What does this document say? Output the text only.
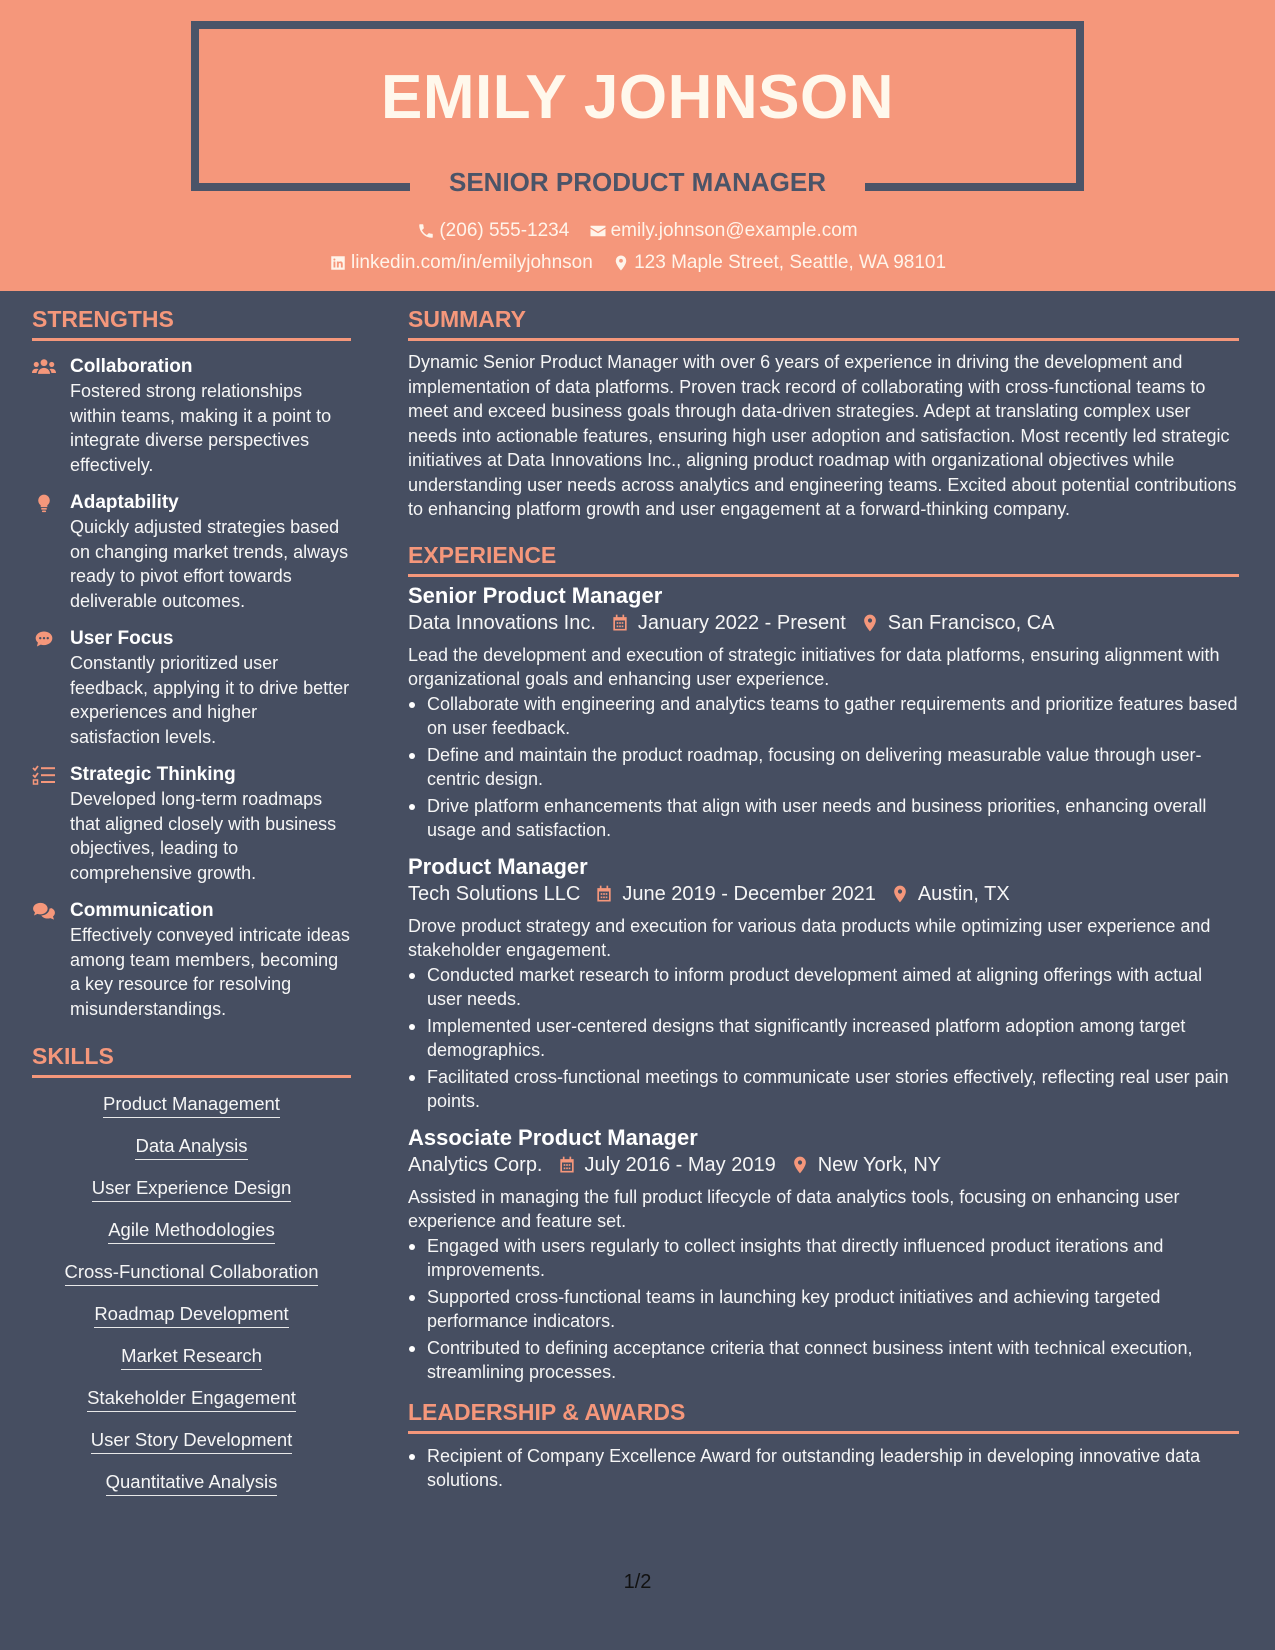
EMILY JOHNSON
SENIOR PRODUCT MANAGER
(206) 555-1234
emily.johnson@example.com
linkedin.com/in/emilyjohnson
123 Maple Street, Seattle, WA 98101
STRENGTHS
Collaboration

Fostered strong relationships within teams, making it a point to integrate diverse perspectives effectively.

Adaptability

Quickly adjusted strategies based on changing market trends, always ready to pivot effort towards deliverable outcomes.

User Focus

Constantly prioritized user feedback, applying it to drive better experiences and higher satisfaction levels.

Strategic Thinking

Developed long-term roadmaps that aligned closely with business objectives, leading to comprehensive growth.

Communication

Effectively conveyed intricate ideas among team members, becoming a key resource for resolving misunderstandings.

SKILLS
Product Management
Data Analysis
User Experience Design
Agile Methodologies
Cross-Functional Collaboration
Roadmap Development
Market Research
Stakeholder Engagement
User Story Development
Quantitative Analysis
SUMMARY

Dynamic Senior Product Manager with over 6 years of experience in driving the development and implementation of data platforms. Proven track record of collaborating with cross-functional teams to meet and exceed business goals through data-driven strategies. Adept at translating complex user needs into actionable features, ensuring high user adoption and satisfaction. Most recently led strategic initiatives at Data Innovations Inc., aligning product roadmap with organizational objectives while understanding user needs across analytics and engineering teams. Excited about potential contributions to enhancing platform growth and user engagement at a forward-thinking company.

EXPERIENCE
Senior Product Manager
Data Innovations Inc. January 2022 - Present San Francisco, CA

Lead the development and execution of strategic initiatives for data platforms, ensuring alignment with organizational goals and enhancing user experience.

Collaborate with engineering and analytics teams to gather requirements and prioritize features based on user feedback.
Define and maintain the product roadmap, focusing on delivering measurable value through user-centric design.
Drive platform enhancements that align with user needs and business priorities, enhancing overall usage and satisfaction.
Product Manager
Tech Solutions LLC June 2019 - December 2021 Austin, TX

Drove product strategy and execution for various data products while optimizing user experience and stakeholder engagement.

Conducted market research to inform product development aimed at aligning offerings with actual user needs.
Implemented user-centered designs that significantly increased platform adoption among target demographics.
Facilitated cross-functional meetings to communicate user stories effectively, reflecting real user pain points.
Associate Product Manager
Analytics Corp. July 2016 - May 2019 New York, NY

Assisted in managing the full product lifecycle of data analytics tools, focusing on enhancing user experience and feature set.

Engaged with users regularly to collect insights that directly influenced product iterations and improvements.
Supported cross-functional teams in launching key product initiatives and achieving targeted performance indicators.
Contributed to defining acceptance criteria that connect business intent with technical execution, streamlining processes.
LEADERSHIP & AWARDS
Recipient of Company Excellence Award for outstanding leadership in developing innovative data solutions.
1/2
